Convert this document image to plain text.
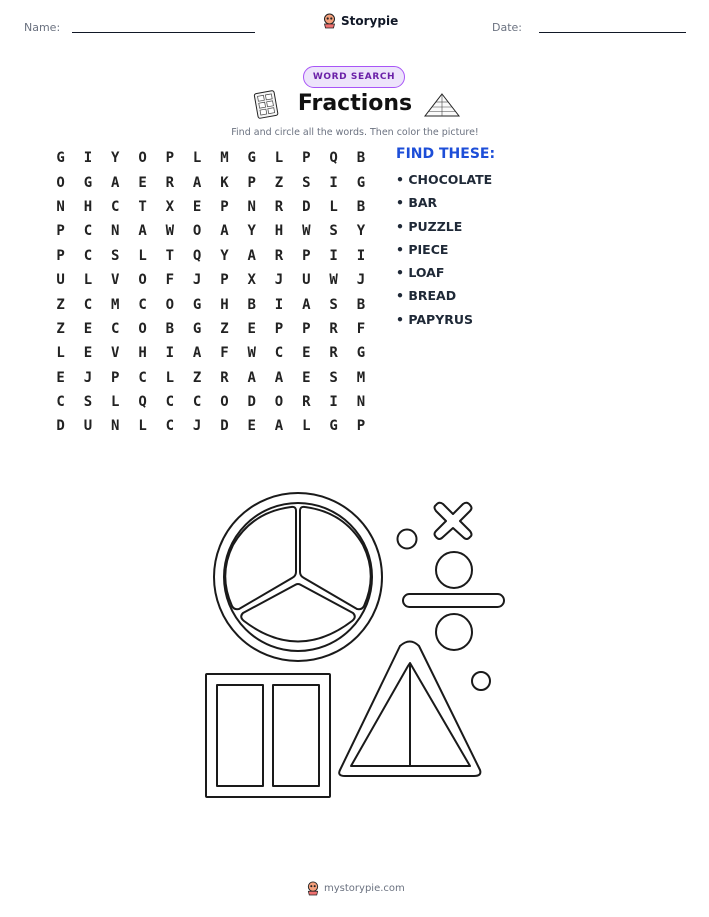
Name:	Storypie	Date:
WORD SEARCH
Fractions
Find and circle all the words. Then color the picture!
G	I	Y	O	P	L	M	G	L	P	Q	B
O	G	A	E	R	A	K	P	Z	S	I	G
N	H	C	T	X	E	P	N	R	D	L	B
P	C	N	A	W	O	A	Y	H	W	S	Y
P	C	S	L	T	Q	Y	A	R	P	I	I
U	L	V	O	F	J	P	X	J	U	W	J
Z	C	M	C	O	G	H	B	I	A	S	B
Z	E	C	O	B	G	Z	E	P	P	R	F
L	E	V	H	I	A	F	W	C	E	R	G
E	J	P	C	L	Z	R	A	A	E	S	M
C	S	L	Q	C	C	O	D	O	R	I	N
D	U	N	L	C	J	D	E	A	L	G	P
FIND THESE:
• CHOCOLATE
• BAR
• PUZZLE
• PIECE
• LOAF
• BREAD
• PAPYRUS
mystorypie.com
